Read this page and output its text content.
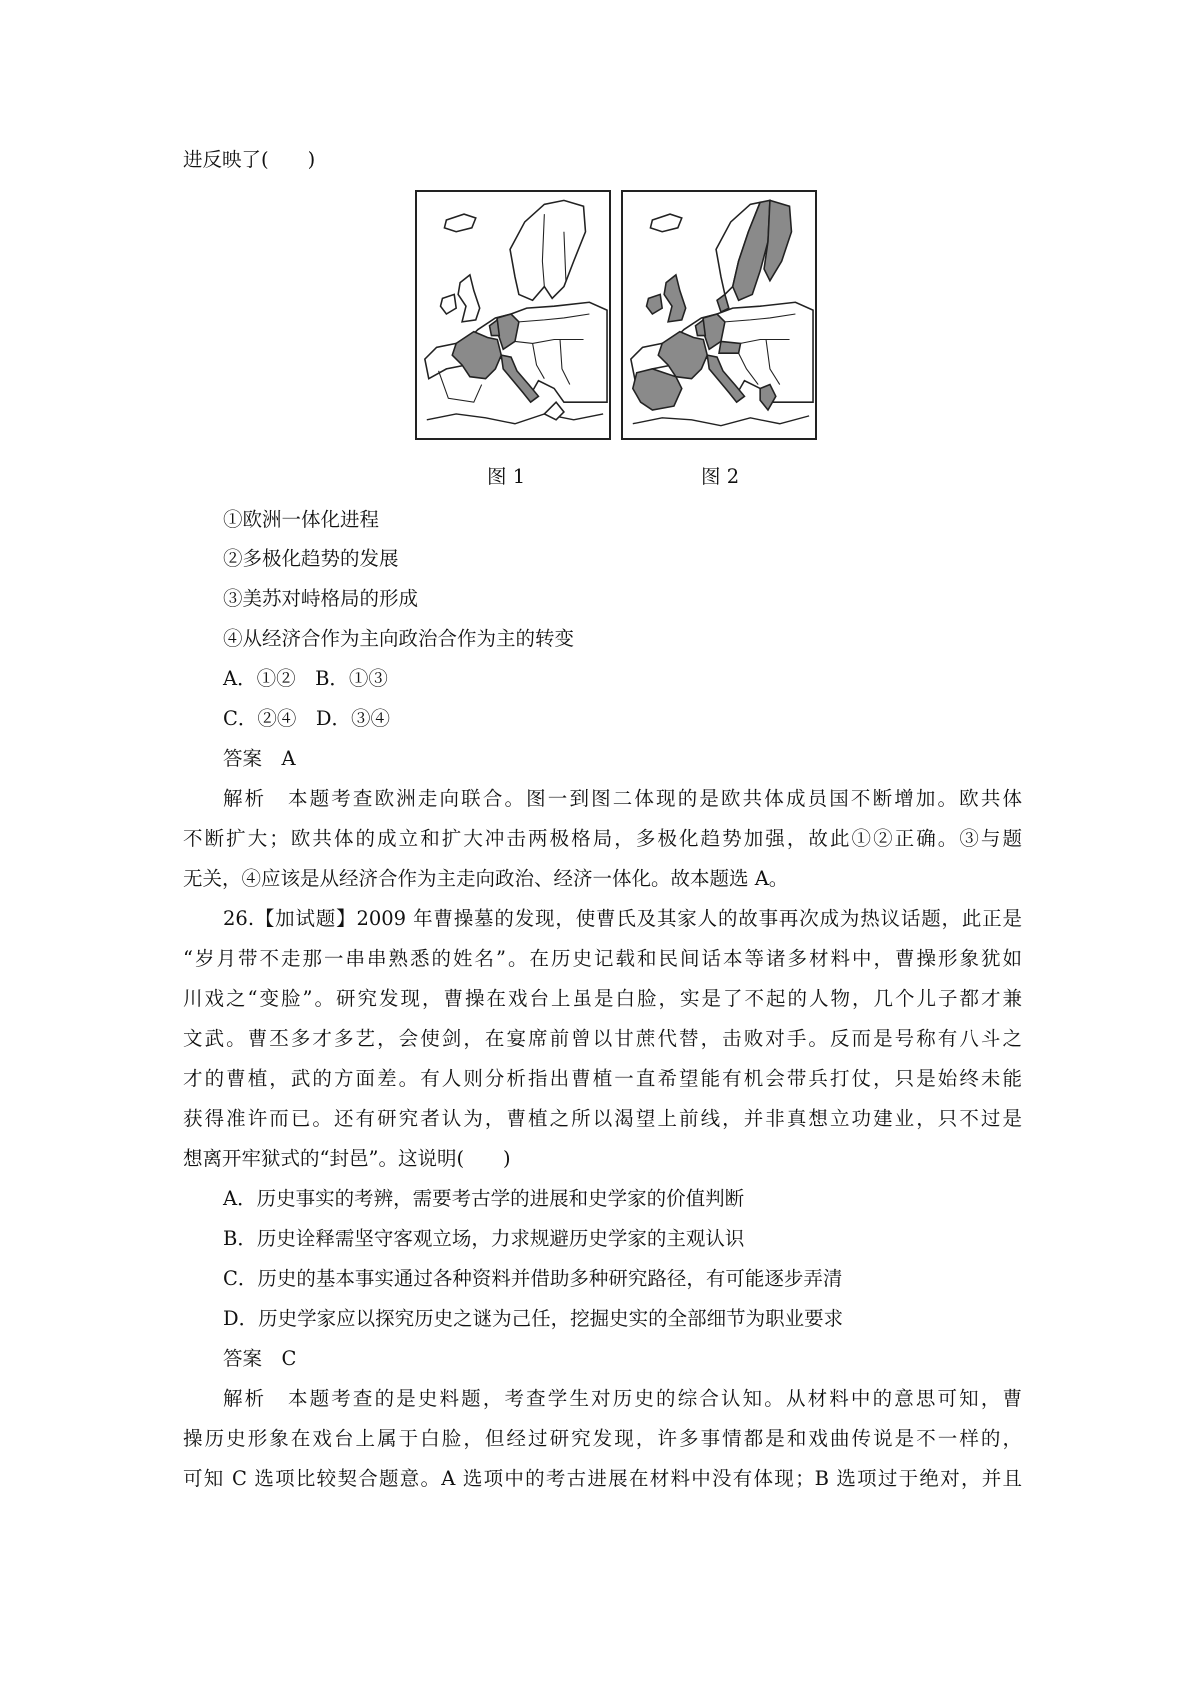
进反映了(　　)
图 1	图 2
①欧洲一体化进程
②多极化趋势的发展
③美苏对峙格局的形成
④从经济合作为主向政治合作为主的转变
A．①②　B．①③
C．②④　D．③④
答案　A
解析　本题考查欧洲走向联合。图一到图二体现的是欧共体成员国不断增加。欧共体
不断扩大；欧共体的成立和扩大冲击两极格局，多极化趋势加强，故此①②正确。③与题
无关，④应该是从经济合作为主走向政治、经济一体化。故本题选 A。
26.【加试题】2009 年曹操墓的发现，使曹氏及其家人的故事再次成为热议话题，此正是
“岁月带不走那一串串熟悉的姓名”。在历史记载和民间话本等诸多材料中，曹操形象犹如
川戏之“变脸”。研究发现，曹操在戏台上虽是白脸，实是了不起的人物，几个儿子都才兼
文武。曹丕多才多艺，会使剑，在宴席前曾以甘蔗代替，击败对手。反而是号称有八斗之
才的曹植，武的方面差。有人则分析指出曹植一直希望能有机会带兵打仗，只是始终未能
获得准许而已。还有研究者认为，曹植之所以渴望上前线，并非真想立功建业，只不过是
想离开牢狱式的“封邑”。这说明(　　)
A．历史事实的考辨，需要考古学的进展和史学家的价值判断
B．历史诠释需坚守客观立场，力求规避历史学家的主观认识
C．历史的基本事实通过各种资料并借助多种研究路径，有可能逐步弄清
D．历史学家应以探究历史之谜为己任，挖掘史实的全部细节为职业要求
答案　C
解析　本题考查的是史料题，考查学生对历史的综合认知。从材料中的意思可知，曹
操历史形象在戏台上属于白脸，但经过研究发现，许多事情都是和戏曲传说是不一样的，
可知 C 选项比较契合题意。A 选项中的考古进展在材料中没有体现；B 选项过于绝对，并且
